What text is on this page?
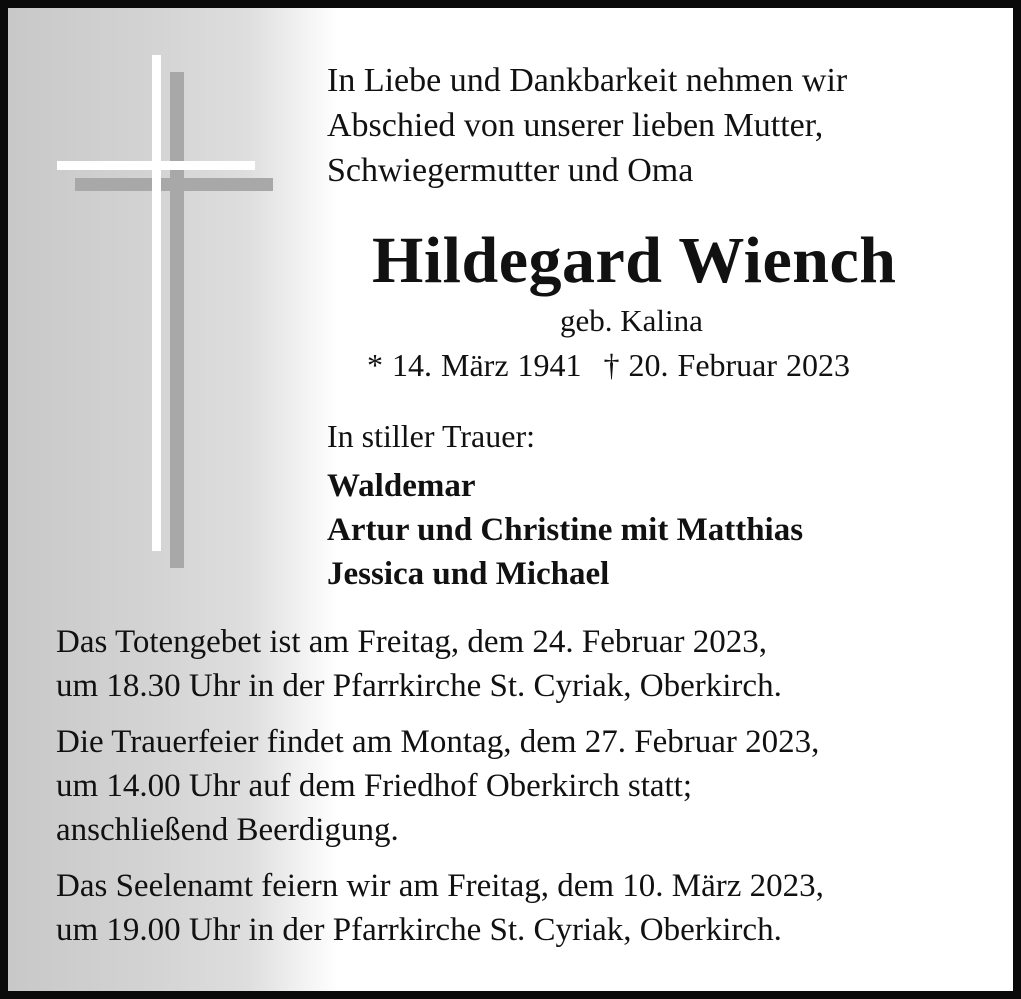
In Liebe und Dankbarkeit nehmen wir
Abschied von unserer lieben Mutter,
Schwiegermutter und Oma
Hildegard Wiench
geb. Kalina
* 14. März 1941 † 20. Februar 2023
In stiller Trauer:
Waldemar
Artur und Christine mit Matthias
Jessica und Michael
Das Totengebet ist am Freitag, dem 24. Februar 2023,
um 18.30 Uhr in der Pfarrkirche St. Cyriak, Oberkirch.
Die Trauerfeier findet am Montag, dem 27. Februar 2023,
um 14.00 Uhr auf dem Friedhof Oberkirch statt;
anschließend Beerdigung.
Das Seelenamt feiern wir am Freitag, dem 10. März 2023,
um 19.00 Uhr in der Pfarrkirche St. Cyriak, Oberkirch.
